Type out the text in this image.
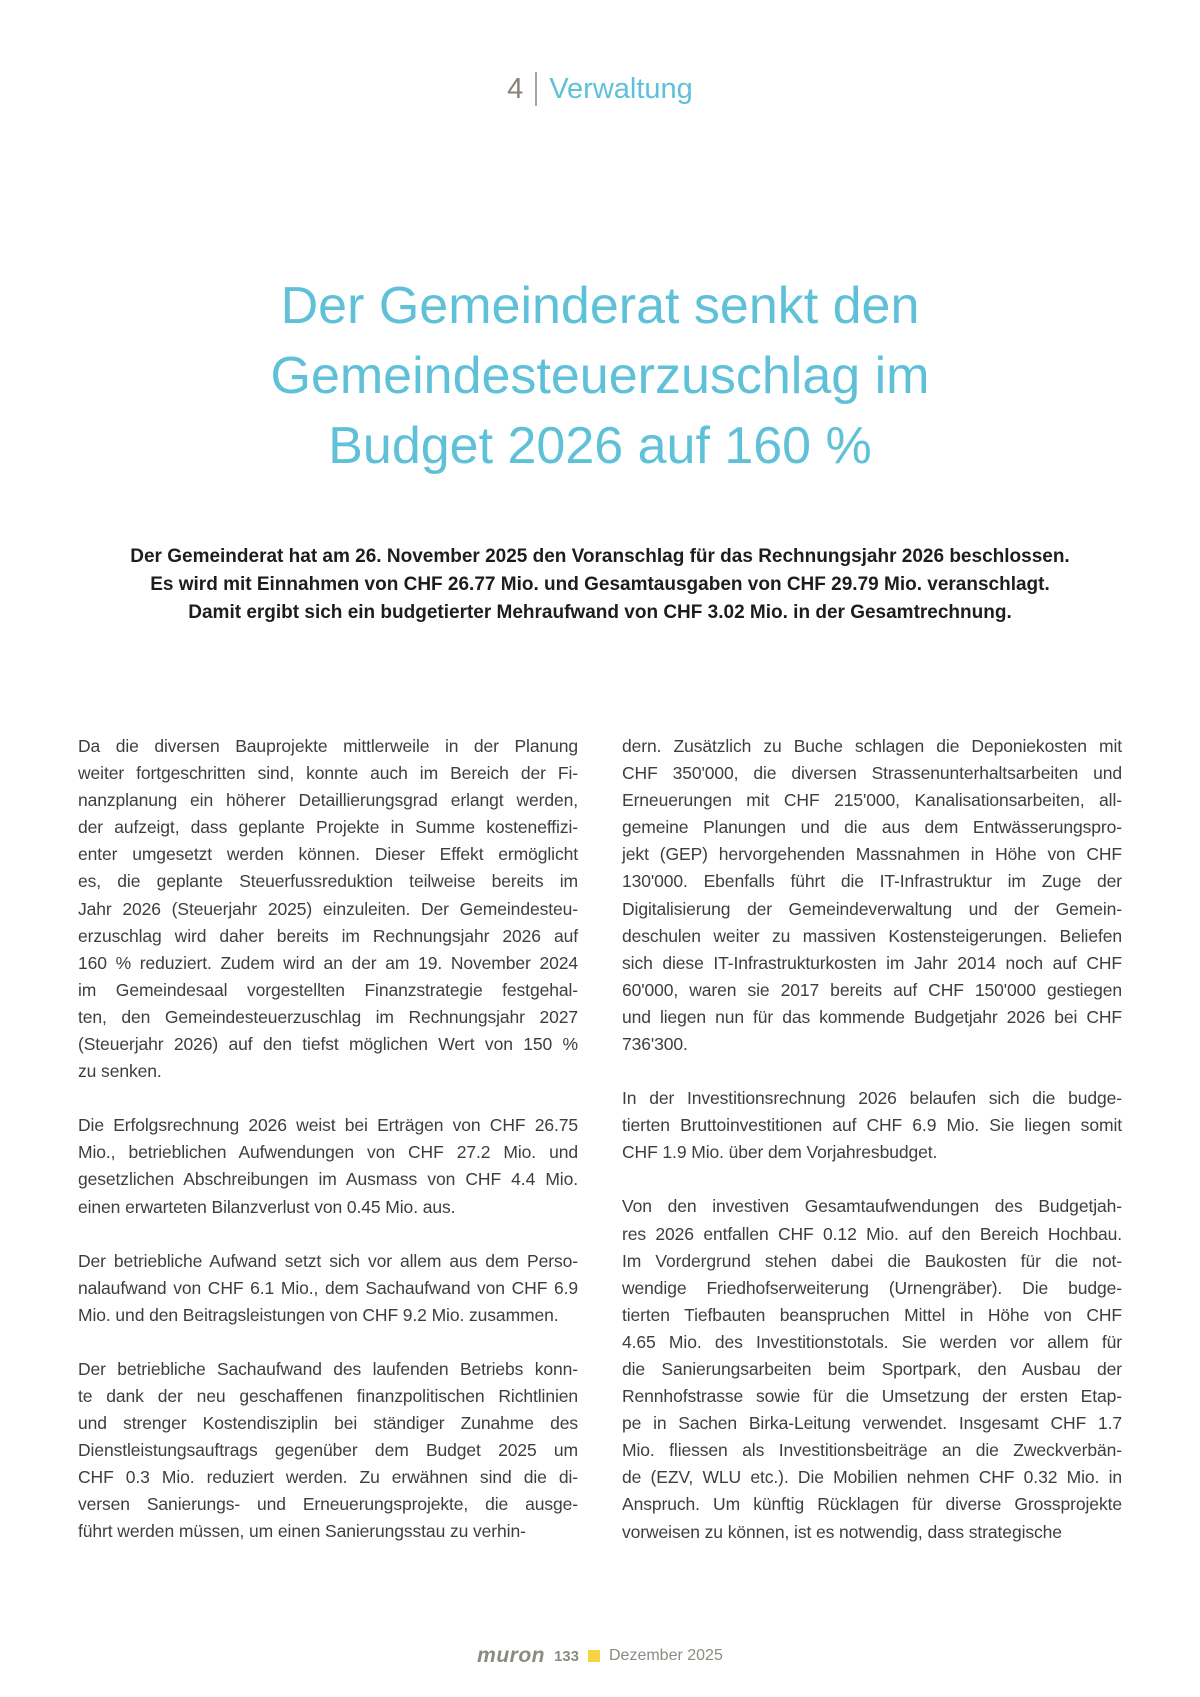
4 Verwaltung
Der Gemeinderat senkt den
Gemeindesteuerzuschlag im
Budget 2026 auf 160 %
Der Gemeinderat hat am 26. November 2025 den Voranschlag für das Rechnungsjahr 2026 beschlossen.
Es wird mit Einnahmen von CHF 26.77 Mio. und Gesamtausgaben von CHF 29.79 Mio. veranschlagt.
Damit ergibt sich ein budgetierter Mehraufwand von CHF 3.02 Mio. in der Gesamtrechnung.
Da die diversen Bauprojekte mittlerweile in der Planung
weiter fortgeschritten sind, konnte auch im Bereich der Fi-
nanzplanung ein höherer Detaillierungsgrad erlangt werden,
der aufzeigt, dass geplante Projekte in Summe kosteneffizi-
enter umgesetzt werden können. Dieser Effekt ermöglicht
es, die geplante Steuerfussreduktion teilweise bereits im
Jahr 2026 (Steuerjahr 2025) einzuleiten. Der Gemeindesteu-
erzuschlag wird daher bereits im Rechnungsjahr 2026 auf
160 % reduziert. Zudem wird an der am 19. November 2024
im Gemeindesaal vorgestellten Finanzstrategie festgehal-
ten, den Gemeindesteuerzuschlag im Rechnungsjahr 2027
(Steuerjahr 2026) auf den tiefst möglichen Wert von 150 %
zu senken.
Die Erfolgsrechnung 2026 weist bei Erträgen von CHF 26.75
Mio., betrieblichen Aufwendungen von CHF 27.2 Mio. und
gesetzlichen Abschreibungen im Ausmass von CHF 4.4 Mio.
einen erwarteten Bilanzverlust von 0.45 Mio. aus.
Der betriebliche Aufwand setzt sich vor allem aus dem Perso-
nalaufwand von CHF 6.1 Mio., dem Sachaufwand von CHF 6.9
Mio. und den Beitragsleistungen von CHF 9.2 Mio. zusammen.
Der betriebliche Sachaufwand des laufenden Betriebs konn-
te dank der neu geschaffenen finanzpolitischen Richtlinien
und strenger Kostendisziplin bei ständiger Zunahme des
Dienstleistungsauftrags gegenüber dem Budget 2025 um
CHF 0.3 Mio. reduziert werden. Zu erwähnen sind die di-
versen Sanierungs- und Erneuerungsprojekte, die ausge-
führt werden müssen, um einen Sanierungsstau zu verhin-
dern. Zusätzlich zu Buche schlagen die Deponiekosten mit
CHF 350'000, die diversen Strassenunterhaltsarbeiten und
Erneuerungen mit CHF 215'000, Kanalisationsarbeiten, all-
gemeine Planungen und die aus dem Entwässerungspro-
jekt (GEP) hervorgehenden Massnahmen in Höhe von CHF
130'000. Ebenfalls führt die IT-Infrastruktur im Zuge der
Digitalisierung der Gemeindeverwaltung und der Gemein-
deschulen weiter zu massiven Kostensteigerungen. Beliefen
sich diese IT-Infrastrukturkosten im Jahr 2014 noch auf CHF
60'000, waren sie 2017 bereits auf CHF 150'000 gestiegen
und liegen nun für das kommende Budgetjahr 2026 bei CHF
736'300.
In der Investitionsrechnung 2026 belaufen sich die budge-
tierten Bruttoinvestitionen auf CHF 6.9 Mio. Sie liegen somit
CHF 1.9 Mio. über dem Vorjahresbudget.
Von den investiven Gesamtaufwendungen des Budgetjah-
res 2026 entfallen CHF 0.12 Mio. auf den Bereich Hochbau.
Im Vordergrund stehen dabei die Baukosten für die not-
wendige Friedhofserweiterung (Urnengräber). Die budge-
tierten Tiefbauten beanspruchen Mittel in Höhe von CHF
4.65 Mio. des Investitionstotals. Sie werden vor allem für
die Sanierungsarbeiten beim Sportpark, den Ausbau der
Rennhofstrasse sowie für die Umsetzung der ersten Etap-
pe in Sachen Birka-Leitung verwendet. Insgesamt CHF 1.7
Mio. fliessen als Investitionsbeiträge an die Zweckverbän-
de (EZV, WLU etc.). Die Mobilien nehmen CHF 0.32 Mio. in
Anspruch. Um künftig Rücklagen für diverse Grossprojekte
vorweisen zu können, ist es notwendig, dass strategische
muron 133 Dezember 2025
